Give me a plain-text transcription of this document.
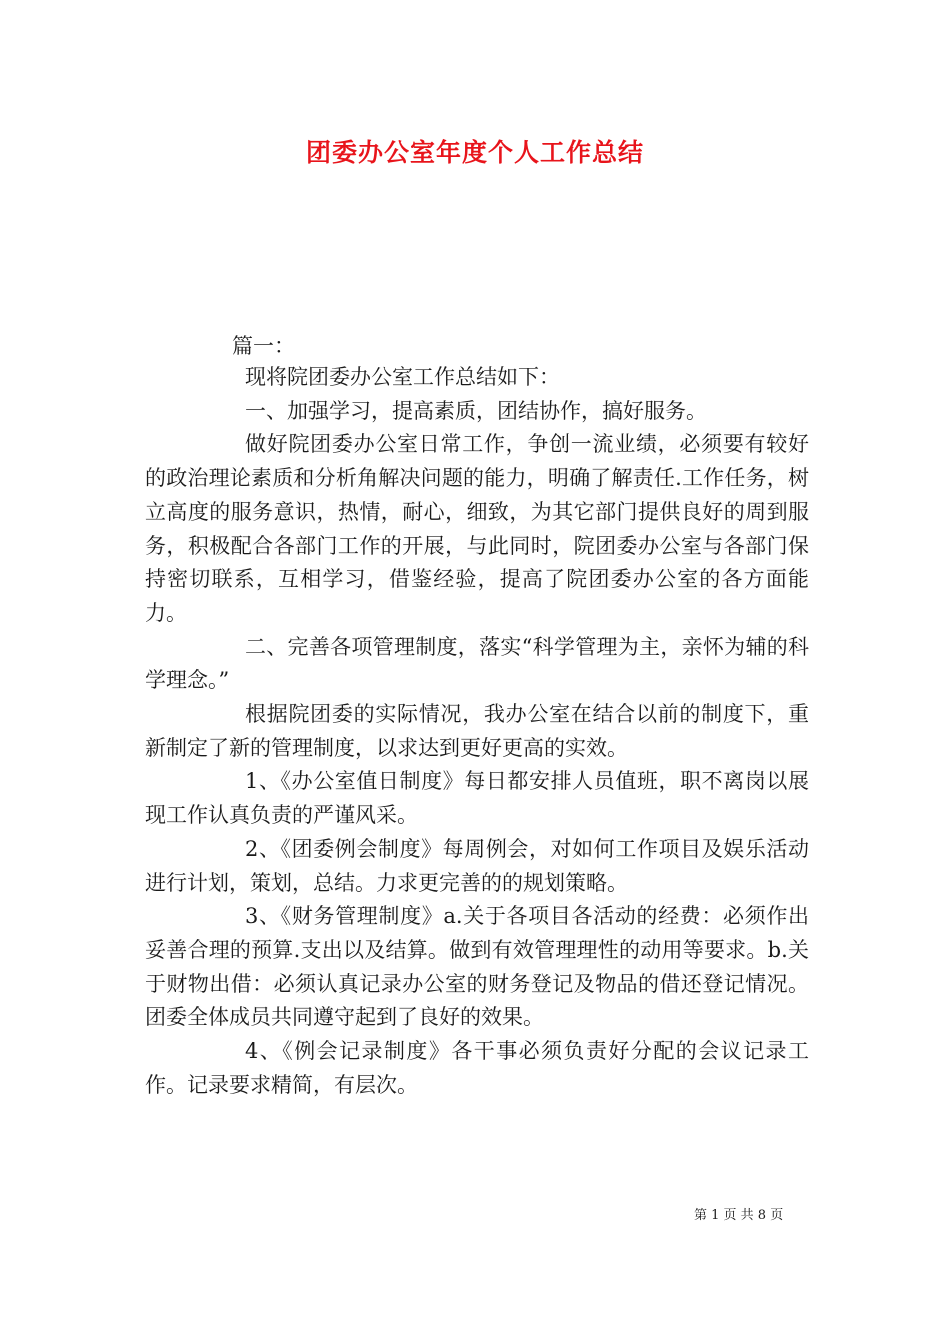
团委办公室年度个人工作总结
篇一：

现将院团委办公室工作总结如下：

一、加强学习，提高素质，团结协作，搞好服务。

做好院团委办公室日常工作，争创一流业绩，必须要有较好的政治理论素质和分析角解决问题的能力，明确了解责任.工作任务，树立高度的服务意识，热情，耐心，细致，为其它部门提供良好的周到服务，积极配合各部门工作的开展，与此同时，院团委办公室与各部门保持密切联系，互相学习，借鉴经验，提高了院团委办公室的各方面能力。

二、完善各项管理制度，落实“科学管理为主，亲怀为辅的科学理念。”

根据院团委的实际情况，我办公室在结合以前的制度下，重新制定了新的管理制度，以求达到更好更高的实效。

1、《办公室值日制度》每日都安排人员值班，职不离岗以展现工作认真负责的严谨风采。

2、《团委例会制度》每周例会，对如何工作项目及娱乐活动进行计划，策划，总结。力求更完善的的规划策略。

3、《财务管理制度》a.关于各项目各活动的经费：必须作出妥善合理的预算.支出以及结算。做到有效管理理性的动用等要求。b.关于财物出借：必须认真记录办公室的财务登记及物品的借还登记情况。团委全体成员共同遵守起到了良好的效果。

4、《例会记录制度》各干事必须负责好分配的会议记录工作。记录要求精简，有层次。

第 1 页 共 8 页
